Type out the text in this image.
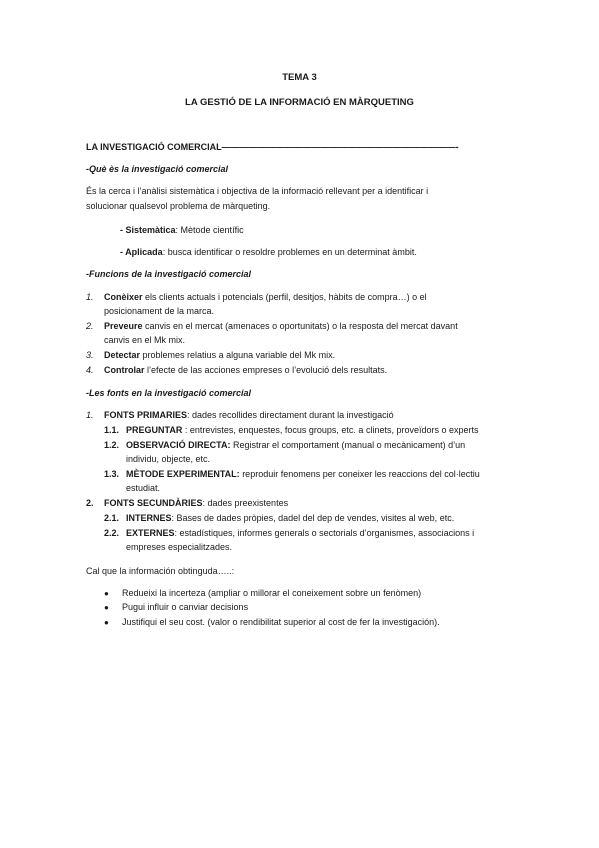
TEMA 3
LA GESTIÓ DE LA INFORMACIÓ EN MÀRQUETING
LA INVESTIGACIÓ COMERCIAL——————————————————————————-
-Què ès la investigació comercial
És la cerca i l’anàlisi sistemàtica i objectiva de la informació rellevant per a identificar i
solucionar qualsevol problema de màrqueting.
- Sistemàtica: Mètode científic
- Aplicada: busca identificar o resoldre problemes en un determinat àmbit.
-Funcions de la investigació comercial
1. Conèixer els clients actuals i potencials (perfil, desitjos, hàbits de compra…) o el
posicionament de la marca.
2. Preveure canvis en el mercat (amenaces o oportunitats) o la resposta del mercat davant
canvis en el Mk mix.
3. Detectar problemes relatius a alguna variable del Mk mix.
4. Controlar l’efecte de las acciones empreses o l’evolució dels resultats.
-Les fonts en la investigació comercial
1. FONTS PRIMARIES: dades recollides directament durant la investigació
1.1. PREGUNTAR : entrevistes, enquestes, focus groups, etc. a clinets, proveïdors o experts
1.2. OBSERVACIÓ DIRECTA: Registrar el comportament (manual o mecànicament) d’un
individu, objecte, etc.
1.3. MÈTODE EXPERIMENTAL: reproduir fenomens per coneixer les reaccions del col·lectiu
estudiat.
2. FONTS SECUNDÀRIES: dades preexistentes
2.1. INTERNES: Bases de dades pròpies, dadel del dep de vendes, visites al web, etc.
2.2. EXTERNES: estadístiques, informes generals o sectorials d’organismes, associacions i
empreses especialitzades.
Cal que la información obtinguda…..:
● Redueixi la incerteza (ampliar o millorar el coneixement sobre un fenòmen)
● Pugui influir o canviar decisions
● Justifiqui el seu cost. (valor o rendibilitat superior al cost de fer la investigación).
